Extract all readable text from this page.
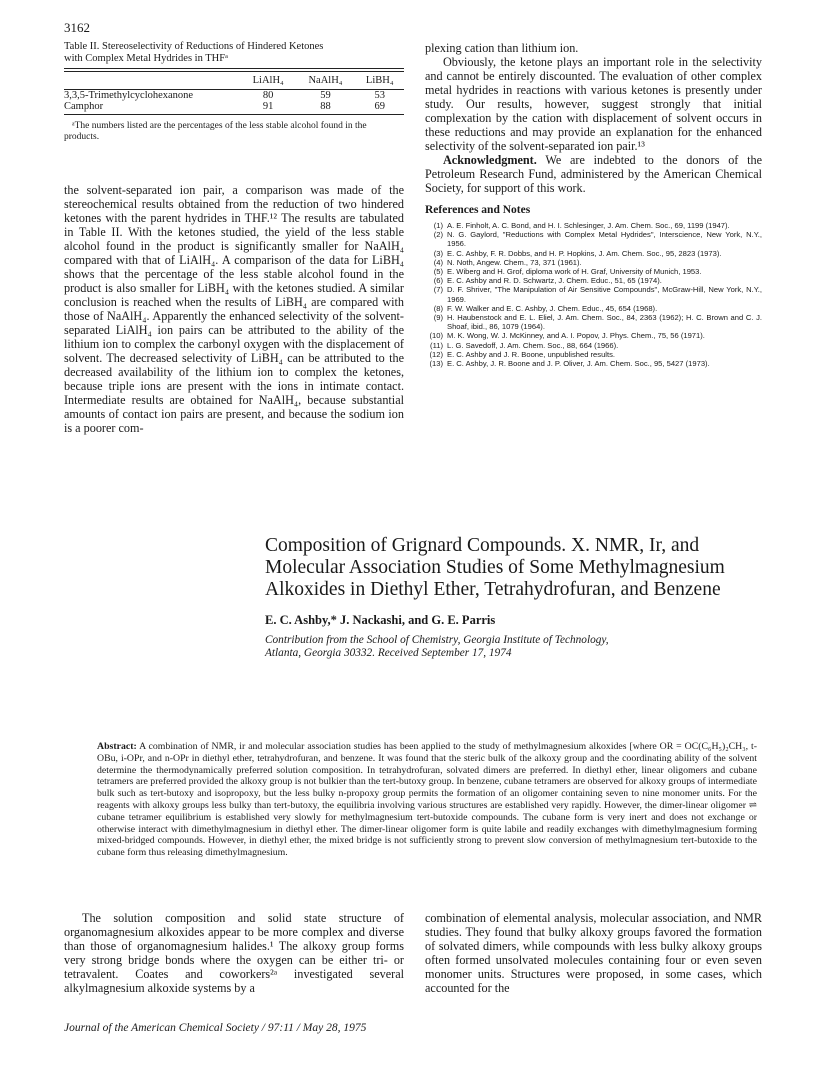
3162
Table II. Stereoselectivity of Reductions of Hindered Ketones
with Complex Metal Hydrides in THFᵃ
	LiAlH₄	NaAlH₄	LiBH₄

3,3,5-Trimethylcyclohexanone	80	59	53
Camphor	91	88	69
ᵃThe numbers listed are the percentages of the less stable alcohol found in the products.

the solvent-separated ion pair, a comparison was made of the stereochemical results obtained from the reduction of two hindered ketones with the parent hydrides in THF.¹² The results are tabulated in Table II. With the ketones studied, the yield of the less stable alcohol found in the product is significantly smaller for NaAlH₄ compared with that of LiAlH₄. A comparison of the data for LiBH₄ shows that the percentage of the less stable alcohol found in the product is also smaller for LiBH₄ with the ketones studied. A similar conclusion is reached when the results of LiBH₄ are compared with those of NaAlH₄. Apparently the enhanced selectivity of the solvent-separated LiAlH₄ ion pairs can be attributed to the ability of the lithium ion to complex the carbonyl oxygen with the displacement of solvent. The decreased selectivity of LiBH₄ can be attributed to the decreased availability of the lithium ion to complex the ketones, because triple ions are present with the ions in intimate contact. Intermediate results are obtained for NaAlH₄, because substantial amounts of contact ion pairs are present, and because the sodium ion is a poorer com-

plexing cation than lithium ion.

Obviously, the ketone plays an important role in the selectivity and cannot be entirely discounted. The evaluation of other complex metal hydrides in reactions with various ketones is presently under study. Our results, however, suggest strongly that initial complexation by the cation with displacement of solvent occurs in these reductions and may provide an explanation for the enhanced selectivity of the solvent-separated ion pair.¹³

Acknowledgment. We are indebted to the donors of the Petroleum Research Fund, administered by the American Chemical Society, for support of this work.

References and Notes
(1) A. E. Finholt, A. C. Bond, and H. I. Schlesinger, J. Am. Chem. Soc., 69, 1199 (1947).
(2) N. G. Gaylord, "Reductions with Complex Metal Hydrides", Interscience, New York, N.Y., 1956.
(3) E. C. Ashby, F. R. Dobbs, and H. P. Hopkins, J. Am. Chem. Soc., 95, 2823 (1973).
(4) N. Noth, Angew. Chem., 73, 371 (1961).
(5) E. Wiberg and H. Grof, diploma work of H. Graf, University of Munich, 1953.
(6) E. C. Ashby and R. D. Schwartz, J. Chem. Educ., 51, 65 (1974).
(7) D. F. Shriver, "The Manipulation of Air Sensitive Compounds", McGraw-Hill, New York, N.Y., 1969.
(8) F. W. Walker and E. C. Ashby, J. Chem. Educ., 45, 654 (1968).
(9) H. Haubenstock and E. L. Eliel, J. Am. Chem. Soc., 84, 2363 (1962); H. C. Brown and C. J. Shoaf, ibid., 86, 1079 (1964).
(10) M. K. Wong, W. J. McKinney, and A. I. Popov, J. Phys. Chem., 75, 56 (1971).
(11) L. G. Savedoff, J. Am. Chem. Soc., 88, 664 (1966).
(12) E. C. Ashby and J. R. Boone, unpublished results.
(13) E. C. Ashby, J. R. Boone and J. P. Oliver, J. Am. Chem. Soc., 95, 5427 (1973).
Composition of Grignard Compounds. X. NMR, Ir, and Molecular Association Studies of Some Methylmagnesium Alkoxides in Diethyl Ether, Tetrahydrofuran, and Benzene
E. C. Ashby,* J. Nackashi, and G. E. Parris
Contribution from the School of Chemistry, Georgia Institute of Technology,
Atlanta, Georgia 30332. Received September 17, 1974
Abstract: A combination of NMR, ir and molecular association studies has been applied to the study of methylmagnesium alkoxides [where OR = OC(C₆H₅)₂CH₃, t-OBu, i-OPr, and n-OPr in diethyl ether, tetrahydrofuran, and benzene. It was found that the steric bulk of the alkoxy group and the coordinating ability of the solvent determine the thermodynamically preferred solution composition. In tetrahydrofuran, solvated dimers are preferred. In diethyl ether, linear oligomers and cubane tetramers are preferred provided the alkoxy group is not bulkier than the tert-butoxy group. In benzene, cubane tetramers are observed for alkoxy groups of intermediate bulk such as tert-butoxy and isopropoxy, but the less bulky n-propoxy group permits the formation of an oligomer containing seven to nine monomer units. For the reagents with alkoxy groups less bulky than tert-butoxy, the equilibria involving various structures are established very rapidly. However, the dimer-linear oligomer ⇌ cubane tetramer equilibrium is established very slowly for methylmagnesium tert-butoxide compounds. The cubane form is very inert and does not exchange or otherwise interact with dimethylmagnesium in diethyl ether. The dimer-linear oligomer form is quite labile and readily exchanges with dimethylmagnesium forming mixed-bridged compounds. However, in diethyl ether, the mixed bridge is not sufficiently strong to prevent slow conversion of methylmagnesium tert-butoxide to the cubane form thus releasing dimethylmagnesium.

The solution composition and solid state structure of organomagnesium alkoxides appear to be more complex and diverse than those of organomagnesium halides.¹ The alkoxy group forms very strong bridge bonds where the oxygen can be either tri- or tetravalent. Coates and coworkers²ᵃ investigated several alkylmagnesium alkoxide systems by a

combination of elemental analysis, molecular association, and NMR studies. They found that bulky alkoxy groups favored the formation of solvated dimers, while compounds with less bulky alkoxy groups often formed unsolvated molecules containing four or even seven monomer units. Structures were proposed, in some cases, which accounted for the

Journal of the American Chemical Society / 97:11 / May 28, 1975
